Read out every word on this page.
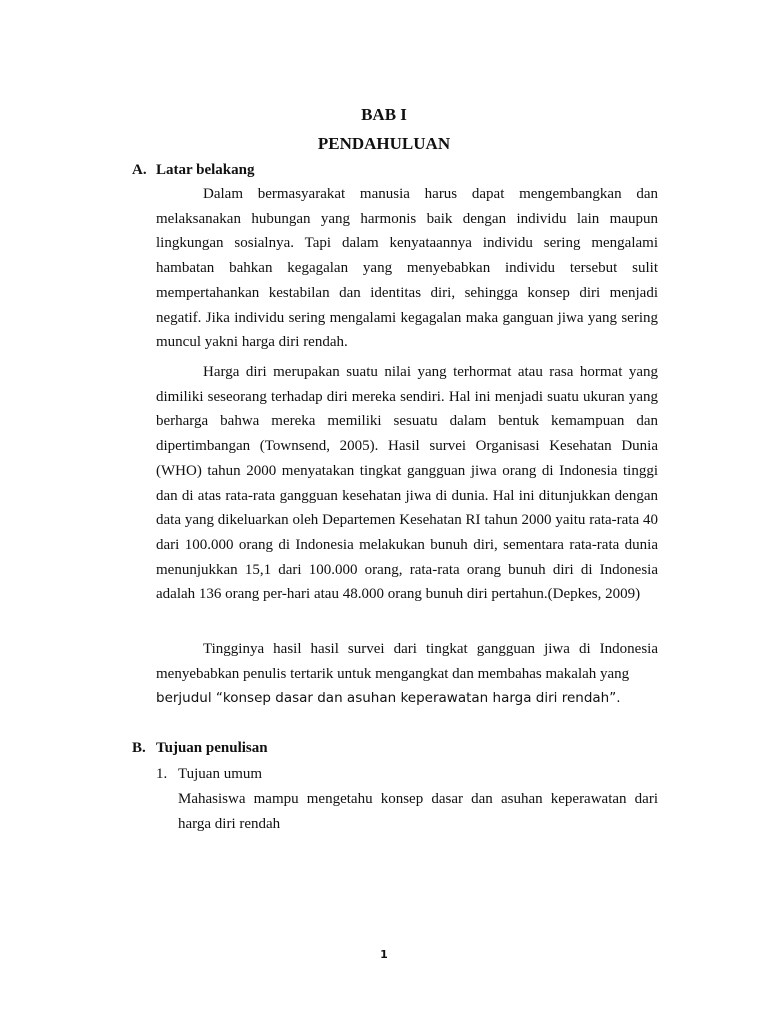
BAB I
PENDAHULUAN
A. Latar belakang

Dalam bermasyarakat manusia harus dapat mengembangkan dan melaksanakan hubungan yang harmonis baik dengan individu lain maupun lingkungan sosialnya. Tapi dalam kenyataannya individu sering mengalami hambatan bahkan kegagalan yang menyebabkan individu tersebut sulit mempertahankan kestabilan dan identitas diri, sehingga konsep diri menjadi negatif. Jika individu sering mengalami kegagalan maka ganguan jiwa yang sering muncul yakni harga diri rendah.

Harga diri merupakan suatu nilai yang terhormat atau rasa hormat yang dimiliki seseorang terhadap diri mereka sendiri. Hal ini menjadi suatu ukuran yang berharga bahwa mereka memiliki sesuatu dalam bentuk kemampuan dan dipertimbangan (Townsend, 2005). Hasil survei Organisasi Kesehatan Dunia (WHO) tahun 2000 menyatakan tingkat gangguan jiwa orang di Indonesia tinggi dan di atas rata-rata gangguan kesehatan jiwa di dunia. Hal ini ditunjukkan dengan data yang dikeluarkan oleh Departemen Kesehatan RI tahun 2000 yaitu rata-rata 40 dari 100.000 orang di Indonesia melakukan bunuh diri, sementara rata-rata dunia menunjukkan 15,1 dari 100.000 orang, rata-rata orang bunuh diri di Indonesia adalah 136 orang per-hari atau 48.000 orang bunuh diri pertahun.(Depkes, 2009)

Tingginya hasil hasil survei dari tingkat gangguan jiwa di Indonesia menyebabkan penulis tertarik untuk mengangkat dan membahas makalah yang
berjudul “konsep dasar dan asuhan keperawatan harga diri rendah”.

B. Tujuan penulisan
1. Tujuan umum

Mahasiswa mampu mengetahu konsep dasar dan asuhan keperawatan dari harga diri rendah

1
